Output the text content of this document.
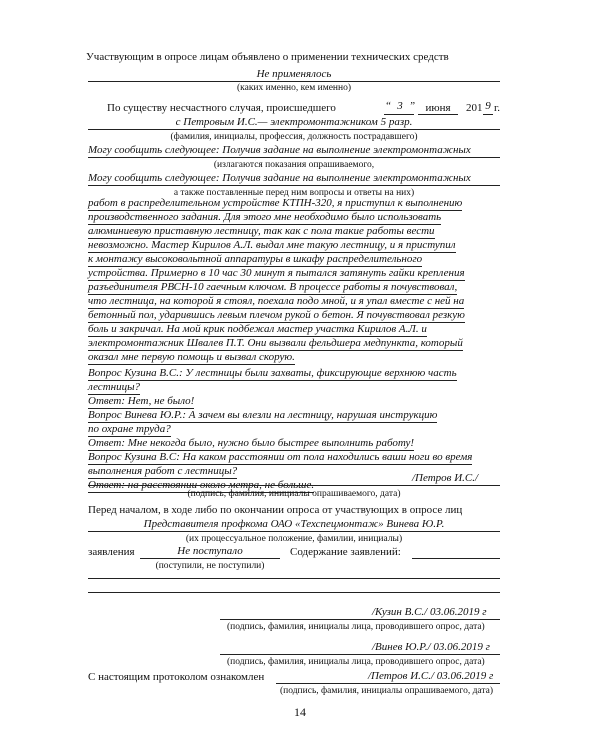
Участвующим в опросе лицам объявлено о применении технических средств
Не применялось
(каких именно, кем именно)
По существу несчастного случая, происшедшего	“ 3 ” июня	201 9 г.
с Петровым И.С.— электромонтажником 5 разр.
(фамилия, инициалы, профессия, должность пострадавшего)
Могу сообщить следующее: Получив задание на выполнение электромонтажных
(излагаются показания опрашиваемого,
Могу сообщить следующее: Получив задание на выполнение электромонтажных
а также поставленные перед ним вопросы и ответы на них)
работ в распределительном устройстве КТПН-320, я приступил к выполнению
производственного задания. Для этого мне необходимо было использовать
алюминиевую приставную лестницу, так как с пола такие работы вести
невозможно. Мастер Кирилов А.Л. выдал мне такую лестницу, и я приступил
к монтажу высоковольтной аппаратуры в шкафу распределительного
устройства. Примерно в 10 час 30 минут я пытался затянуть гайки крепления
разъединителя РВСН-10 гаечным ключом. В процессе работы я почувствовал,
что лестница, на которой я стоял, поехала подо мной, и я упал вместе с ней на
бетонный пол, ударившись левым плечом рукой о бетон. Я почувствовал резкую
боль и закричал. На мой крик подбежал мастер участка Кирилов А.Л. и
электромонтажник Швалев П.Т. Они вызвали фельдшера медпункта, который
оказал мне первую помощь и вызвал скорую.
Вопрос Кузина В.С.: У лестницы были захваты, фиксирующие верхнюю часть
лестницы?
Ответ: Нет, не было!
Вопрос Винева Ю.Р.: А зачем вы влезли на лестницу, нарушая инструкцию
по охране труда?
Ответ: Мне некогда было, нужно было быстрее выполнить работу!
Вопрос Кузина В.С: На каком расстоянии от пола находились ваши ноги во время
выполнения работ с лестницы?
Ответ: на расстоянии около метра, не больше.
/Петров И.С./
(подпись, фамилия, инициалы опрашиваемого, дата)
Перед началом, в ходе либо по окончании опроса от участвующих в опросе лиц
Представителя профкома ОАО «Техспецмонтаж» Винева Ю.Р.
(их процессуальное положение, фамилии, инициалы)
заявления	Не поступало	Содержание заявлений:
(поступили, не поступили)
/Кузин В.С./ 03.06.2019 г
(подпись, фамилия, инициалы лица, проводившего опрос, дата)
/Винев Ю.Р./ 03.06.2019 г
(подпись, фамилия, инициалы лица, проводившего опрос, дата)
С настоящим протоколом ознакомлен	/Петров И.С./ 03.06.2019 г
(подпись, фамилия, инициалы опрашиваемого, дата)
14
